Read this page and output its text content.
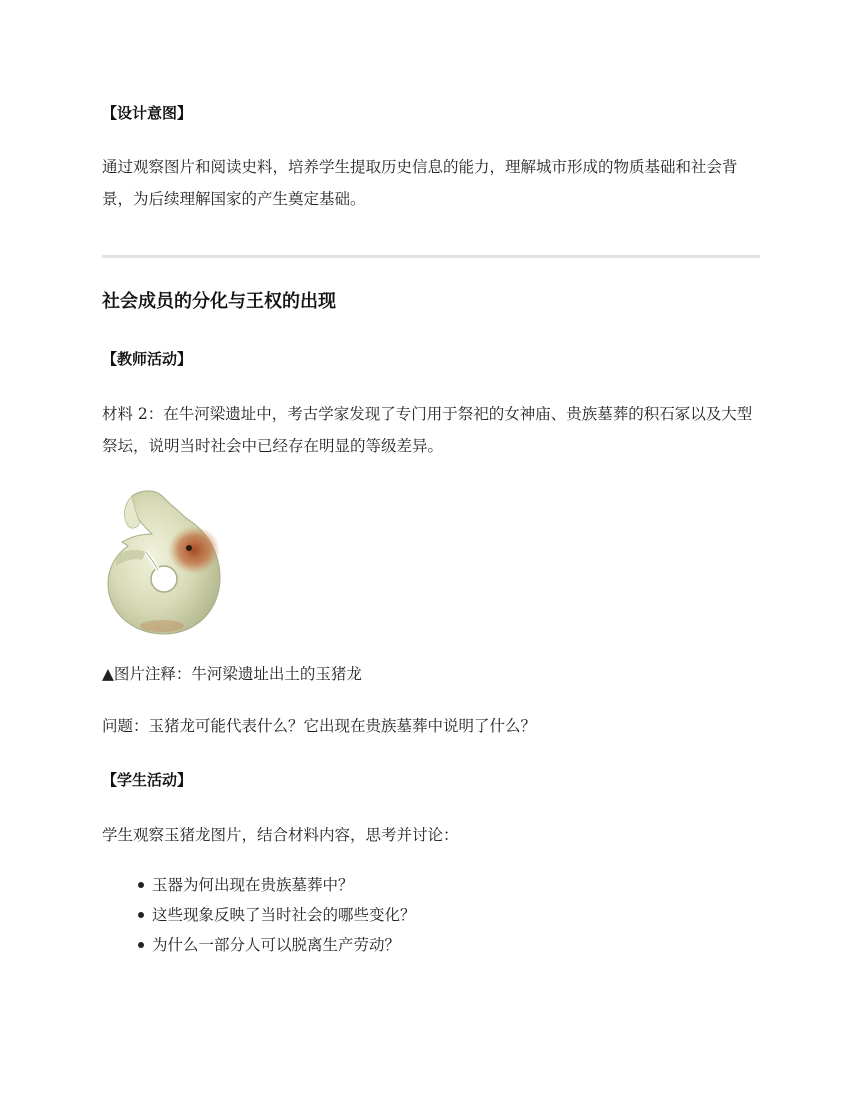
【设计意图】
通过观察图片和阅读史料，培养学生提取历史信息的能力，理解城市形成的物质基础和社会背景，为后续理解国家的产生奠定基础。
社会成员的分化与王权的出现
【教师活动】
材料 2：在牛河梁遗址中，考古学家发现了专门用于祭祀的女神庙、贵族墓葬的积石冢以及大型祭坛，说明当时社会中已经存在明显的等级差异。
▲图片注释：牛河梁遗址出土的玉猪龙
问题：玉猪龙可能代表什么？它出现在贵族墓葬中说明了什么？
【学生活动】
学生观察玉猪龙图片，结合材料内容，思考并讨论：
玉器为何出现在贵族墓葬中？
这些现象反映了当时社会的哪些变化？
为什么一部分人可以脱离生产劳动？
